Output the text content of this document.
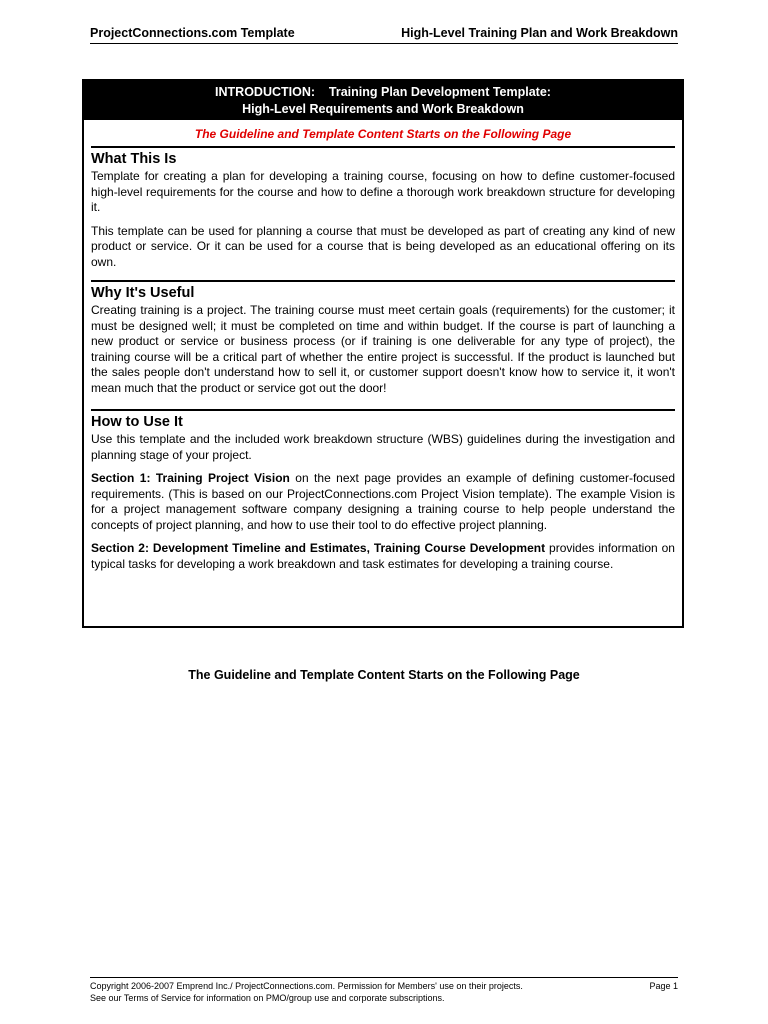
ProjectConnections.com Template	High-Level Training Plan and Work Breakdown
INTRODUCTION:    Training Plan Development Template:
High-Level Requirements and Work Breakdown
The Guideline and Template Content Starts on the Following Page
What This Is

Template for creating a plan for developing a training course, focusing on how to define customer-focused high-level requirements for the course and how to define a thorough work breakdown structure for developing it.

This template can be used for planning a course that must be developed as part of creating any kind of new product or service. Or it can be used for a course that is being developed as an educational offering on its own.

Why It's Useful

Creating training is a project. The training course must meet certain goals (requirements) for the customer; it must be designed well; it must be completed on time and within budget. If the course is part of launching a new product or service or business process (or if training is one deliverable for any type of project), the training course will be a critical part of whether the entire project is successful. If the product is launched but the sales people don't understand how to sell it, or customer support doesn't know how to service it, it won't mean much that the product or service got out the door!

How to Use It

Use this template and the included work breakdown structure (WBS) guidelines during the investigation and planning stage of your project.

Section 1: Training Project Vision on the next page provides an example of defining customer-focused requirements. (This is based on our ProjectConnections.com Project Vision template). The example Vision is for a project management software company designing a training course to help people understand the concepts of project planning, and how to use their tool to do effective project planning.

Section 2: Development Timeline and Estimates, Training Course Development provides information on typical tasks for developing a work breakdown and task estimates for developing a training course.

The Guideline and Template Content Starts on the Following Page
Copyright 2006-2007 Emprend Inc./ ProjectConnections.com. Permission for Members' use on their projects.	Page 1
See our Terms of Service for information on PMO/group use and corporate subscriptions.
